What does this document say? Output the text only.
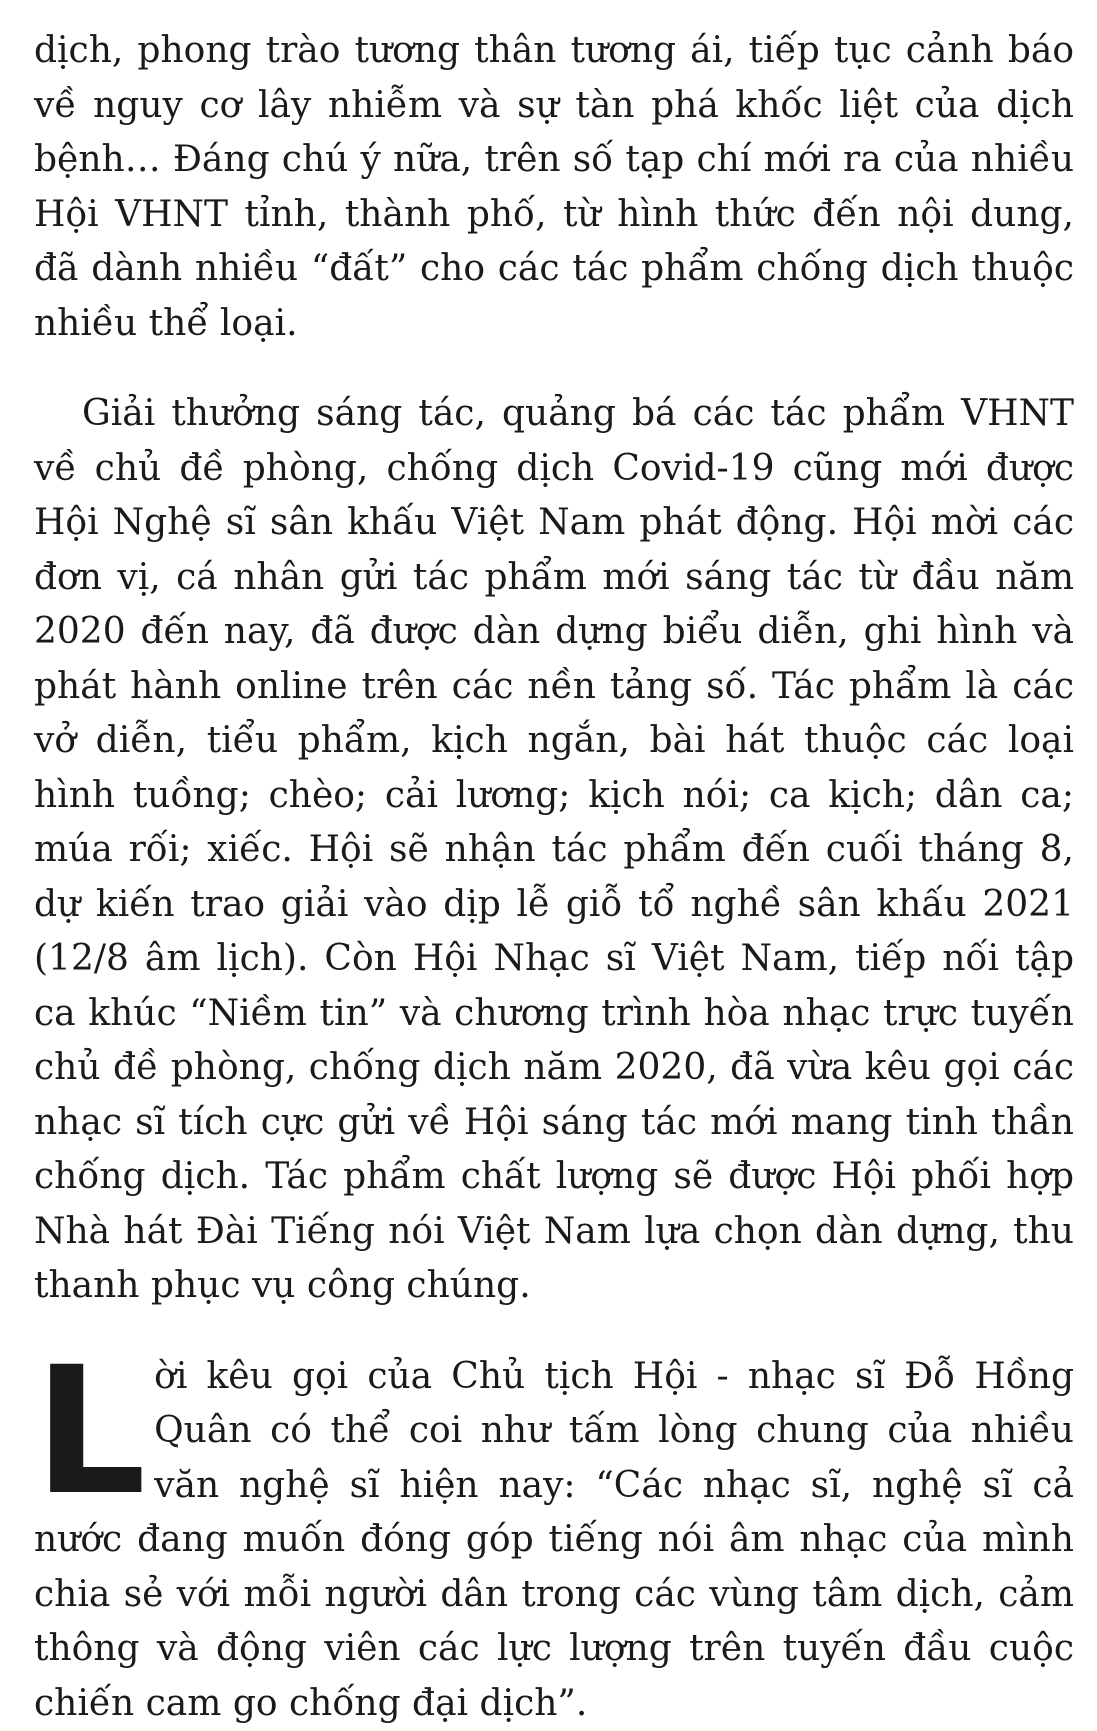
dịch, phong trào tương thân tương ái, tiếp tục cảnh báo về nguy cơ lây nhiễm và sự tàn phá khốc liệt của dịch bệnh… Đáng chú ý nữa, trên số tạp chí mới ra của nhiều Hội VHNT tỉnh, thành phố, từ hình thức đến nội dung, đã dành nhiều “đất” cho các tác phẩm chống dịch thuộc nhiều thể loại.

Giải thưởng sáng tác, quảng bá các tác phẩm VHNT về chủ đề phòng, chống dịch Covid-19 cũng mới được Hội Nghệ sĩ sân khấu Việt Nam phát động. Hội mời các đơn vị, cá nhân gửi tác phẩm mới sáng tác từ đầu năm 2020 đến nay, đã được dàn dựng biểu diễn, ghi hình và phát hành online trên các nền tảng số. Tác phẩm là các vở diễn, tiểu phẩm, kịch ngắn, bài hát thuộc các loại hình tuồng; chèo; cải lương; kịch nói; ca kịch; dân ca; múa rối; xiếc. Hội sẽ nhận tác phẩm đến cuối tháng 8, dự kiến trao giải vào dịp lễ giỗ tổ nghề sân khấu 2021 (12/8 âm lịch). Còn Hội Nhạc sĩ Việt Nam, tiếp nối tập ca khúc “Niềm tin” và chương trình hòa nhạc trực tuyến chủ đề phòng, chống dịch năm 2020, đã vừa kêu gọi các nhạc sĩ tích cực gửi về Hội sáng tác mới mang tinh thần chống dịch. Tác phẩm chất lượng sẽ được Hội phối hợp Nhà hát Đài Tiếng nói Việt Nam lựa chọn dàn dựng, thu thanh phục vụ công chúng.

Lời kêu gọi của Chủ tịch Hội - nhạc sĩ Đỗ Hồng Quân có thể coi như tấm lòng chung của nhiều văn nghệ sĩ hiện nay: “Các nhạc sĩ, nghệ sĩ cả nước đang muốn đóng góp tiếng nói âm nhạc của mình chia sẻ với mỗi người dân trong các vùng tâm dịch, cảm thông và động viên các lực lượng trên tuyến đầu cuộc chiến cam go chống đại dịch”.
